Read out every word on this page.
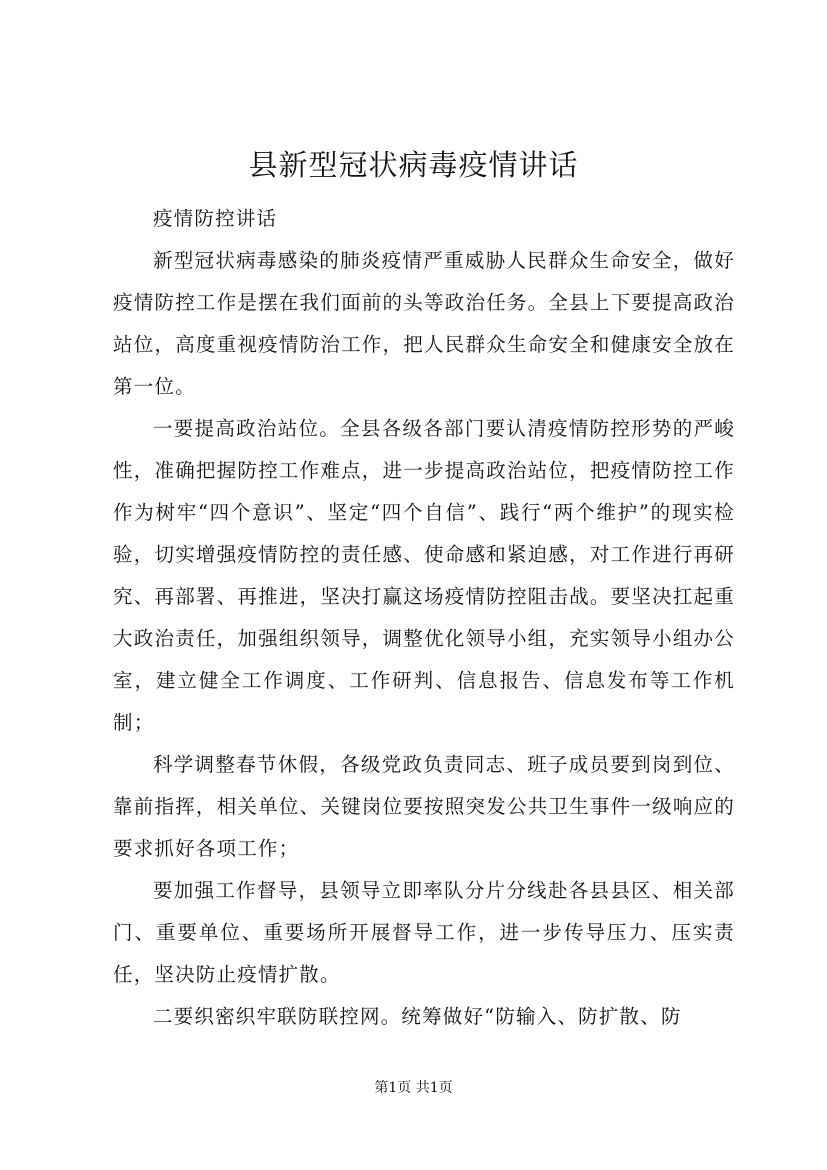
县新型冠状病毒疫情讲话

疫情防控讲话

新型冠状病毒感染的肺炎疫情严重威胁人民群众生命安全，做好疫情防控工作是摆在我们面前的头等政治任务。全县上下要提高政治站位，高度重视疫情防治工作，把人民群众生命安全和健康安全放在第一位。

一要提高政治站位。全县各级各部门要认清疫情防控形势的严峻性，准确把握防控工作难点，进一步提高政治站位，把疫情防控工作作为树牢“四个意识”、坚定“四个自信”、践行“两个维护”的现实检验，切实增强疫情防控的责任感、使命感和紧迫感，对工作进行再研究、再部署、再推进，坚决打赢这场疫情防控阻击战。要坚决扛起重大政治责任，加强组织领导，调整优化领导小组，充实领导小组办公室，建立健全工作调度、工作研判、信息报告、信息发布等工作机制；

科学调整春节休假，各级党政负责同志、班子成员要到岗到位、靠前指挥，相关单位、关键岗位要按照突发公共卫生事件一级响应的要求抓好各项工作；

要加强工作督导，县领导立即率队分片分线赴各县县区、相关部门、重要单位、重要场所开展督导工作，进一步传导压力、压实责任，坚决防止疫情扩散。

二要织密织牢联防联控网。统筹做好“防输入、防扩散、防

第1页 共1页
